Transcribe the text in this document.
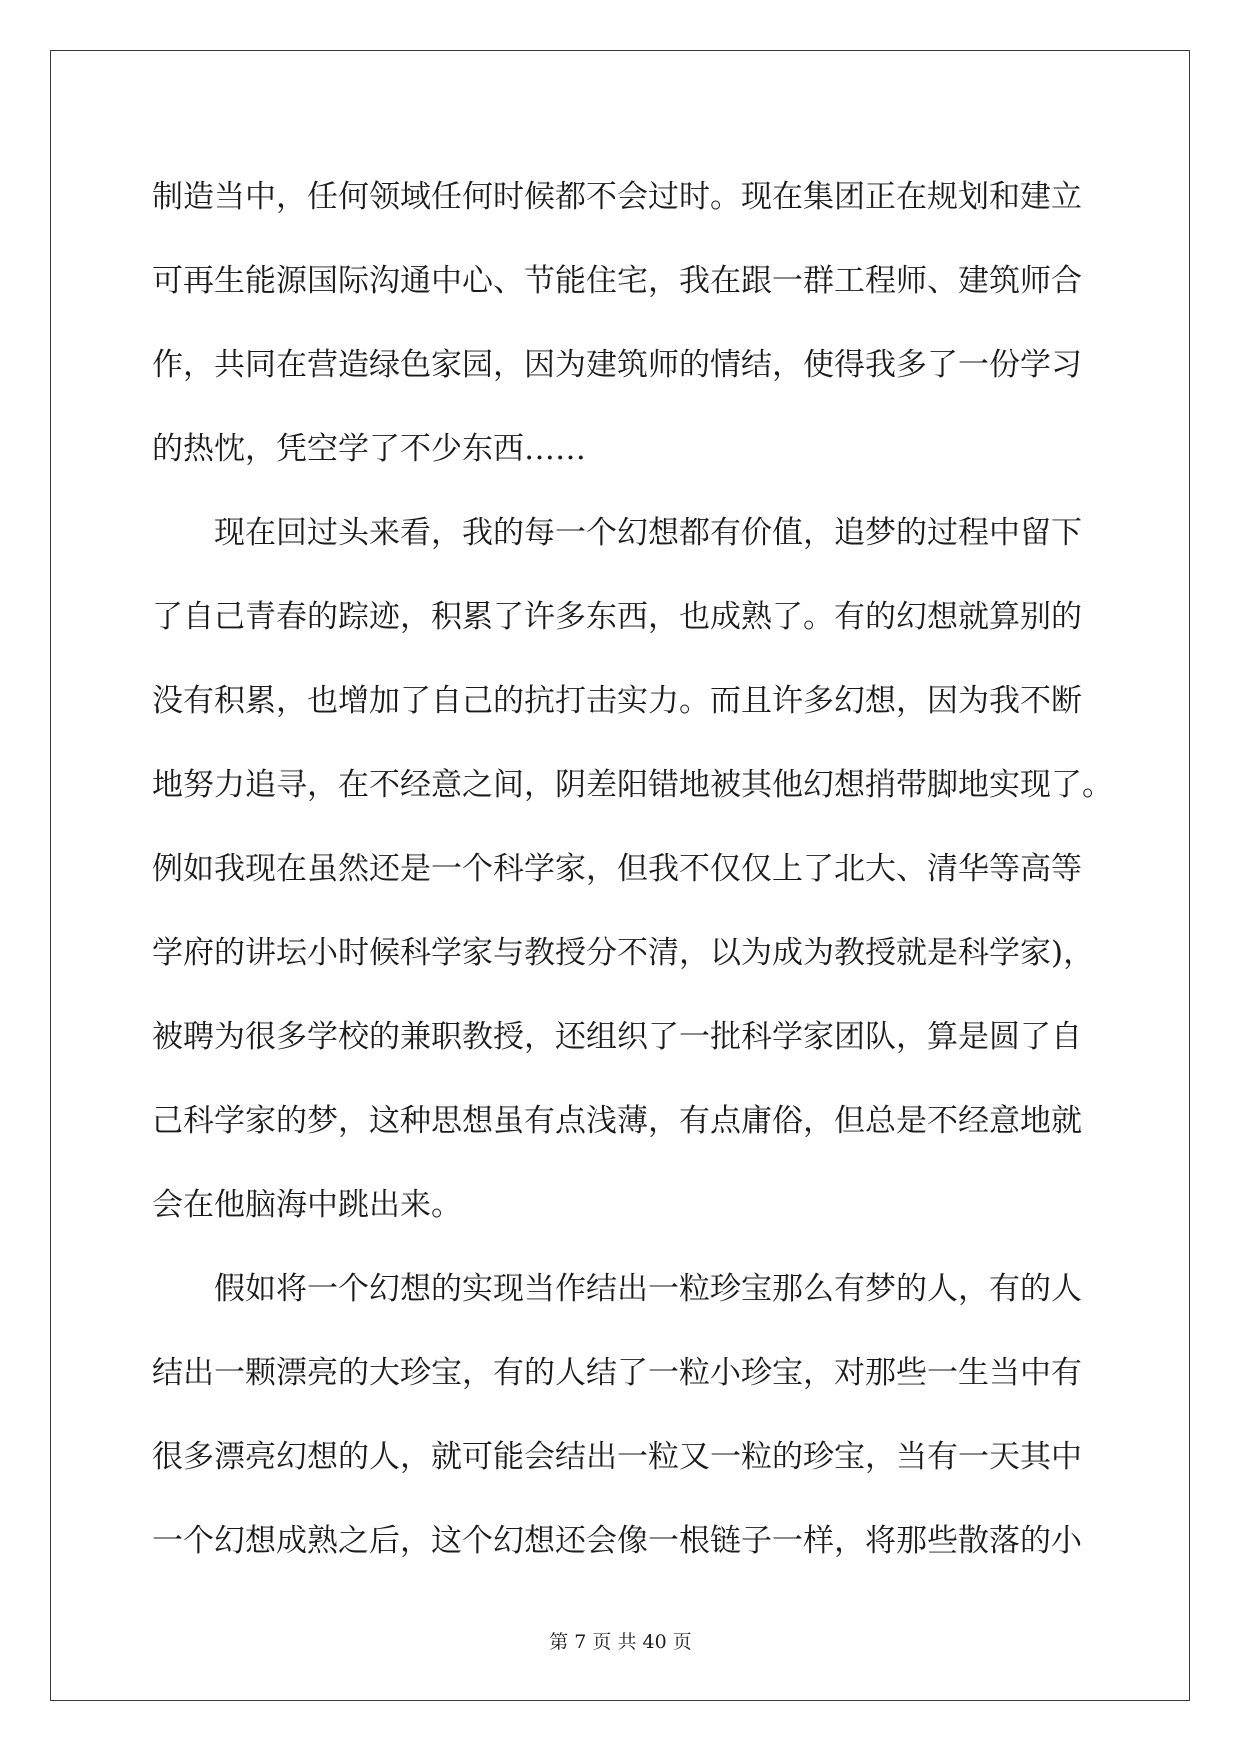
制造当中，任何领域任何时候都不会过时。现在集团正在规划和建立
可再生能源国际沟通中心、节能住宅，我在跟一群工程师、建筑师合
作，共同在营造绿色家园，因为建筑师的情结，使得我多了一份学习
的热忱，凭空学了不少东西……
现在回过头来看，我的每一个幻想都有价值，追梦的过程中留下
了自己青春的踪迹，积累了许多东西，也成熟了。有的幻想就算别的
没有积累，也增加了自己的抗打击实力。而且许多幻想，因为我不断
地努力追寻，在不经意之间，阴差阳错地被其他幻想捎带脚地实现了。
例如我现在虽然还是一个科学家，但我不仅仅上了北大、清华等高等
学府的讲坛小时候科学家与教授分不清，以为成为教授就是科学家)，
被聘为很多学校的兼职教授，还组织了一批科学家团队，算是圆了自
己科学家的梦，这种思想虽有点浅薄，有点庸俗，但总是不经意地就
会在他脑海中跳出来。
假如将一个幻想的实现当作结出一粒珍宝那么有梦的人，有的人
结出一颗漂亮的大珍宝，有的人结了一粒小珍宝，对那些一生当中有
很多漂亮幻想的人，就可能会结出一粒又一粒的珍宝，当有一天其中
一个幻想成熟之后，这个幻想还会像一根链子一样，将那些散落的小
第 7 页 共 40 页
